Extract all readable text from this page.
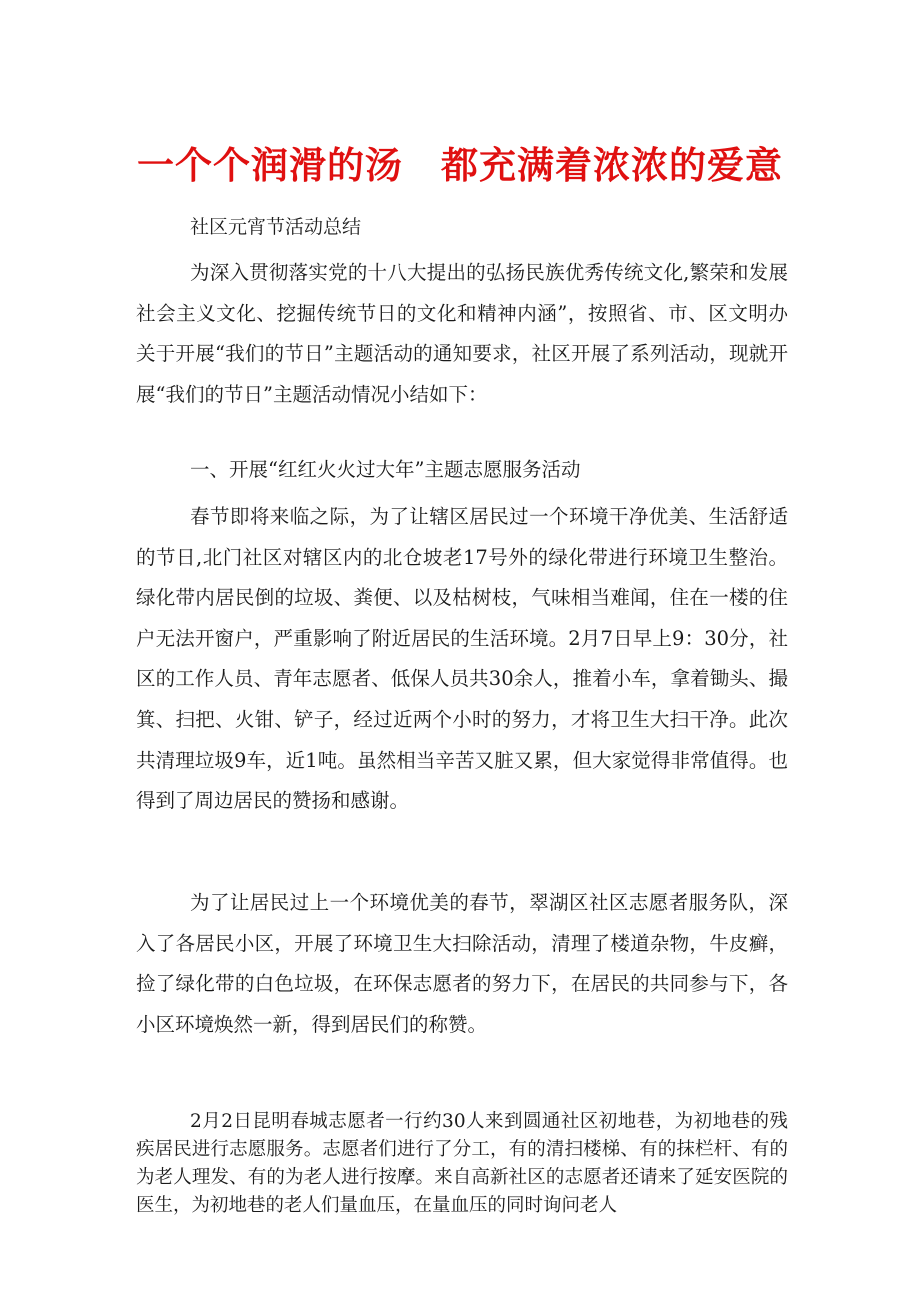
一个个润滑的汤　都充满着浓浓的爱意

社区元宵节活动总结

为深入贯彻落实党的十八大提出的弘扬民族优秀传统文化,繁荣和发展社会主义文化、挖掘传统节日的文化和精神内涵”，按照省、市、区文明办关于开展“我们的节日”主题活动的通知要求，社区开展了系列活动，现就开展“我们的节日”主题活动情况小结如下：

一、开展“红红火火过大年”主题志愿服务活动

春节即将来临之际，为了让辖区居民过一个环境干净优美、生活舒适的节日,北门社区对辖区内的北仓坡老17号外的绿化带进行环境卫生整治。绿化带内居民倒的垃圾、粪便、以及枯树枝，气味相当难闻，住在一楼的住户无法开窗户，严重影响了附近居民的生活环境。2月7日早上9：30分，社区的工作人员、青年志愿者、低保人员共30余人，推着小车，拿着锄头、撮箕、扫把、火钳、铲子，经过近两个小时的努力，才将卫生大扫干净。此次共清理垃圾9车，近1吨。虽然相当辛苦又脏又累，但大家觉得非常值得。也得到了周边居民的赞扬和感谢。

为了让居民过上一个环境优美的春节，翠湖区社区志愿者服务队，深入了各居民小区，开展了环境卫生大扫除活动，清理了楼道杂物，牛皮癣，捡了绿化带的白色垃圾，在环保志愿者的努力下，在居民的共同参与下，各小区环境焕然一新，得到居民们的称赞。

2月2日昆明春城志愿者一行约30人来到圆通社区初地巷，为初地巷的残疾居民进行志愿服务。志愿者们进行了分工，有的清扫楼梯、有的抹栏杆、有的为老人理发、有的为老人进行按摩。来自高新社区的志愿者还请来了延安医院的医生，为初地巷的老人们量血压，在量血压的同时询问老人
